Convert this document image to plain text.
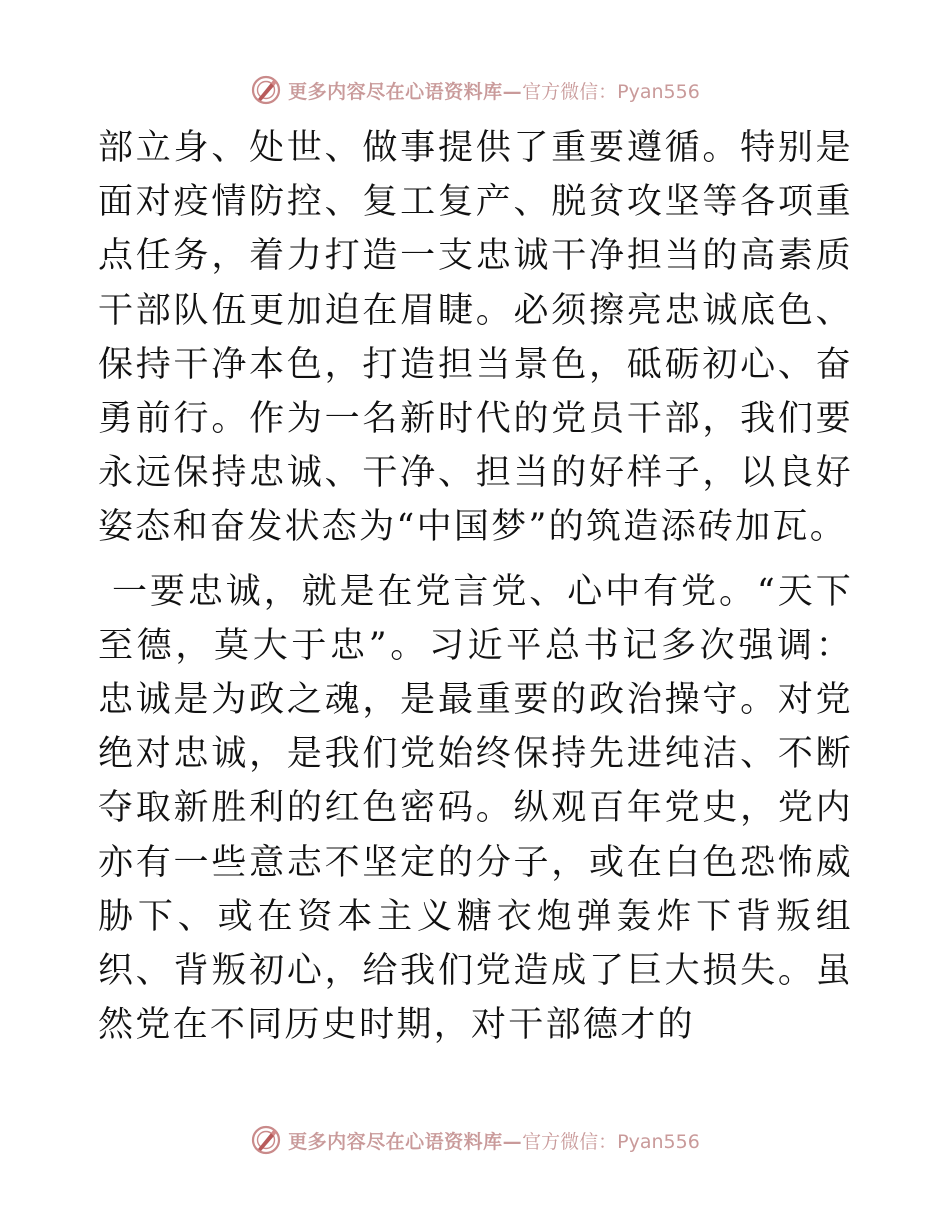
更多内容尽在心语资料库— 官方微信：Pyan556

部立身、处世、做事提供了重要遵循。特别是面对疫情防控、复工复产、脱贫攻坚等各项重点任务，着力打造一支忠诚干净担当的高素质干部队伍更加迫在眉睫。必须擦亮忠诚底色、保持干净本色，打造担当景色，砥砺初心、奋勇前行。作为一名新时代的党员干部，我们要永远保持忠诚、干净、担当的好样子，以良好姿态和奋发状态为“中国梦”的筑造添砖加瓦。

一要忠诚，就是在党言党、心中有党。“天下至德，莫大于忠”。习近平总书记多次强调：忠诚是为政之魂，是最重要的政治操守。对党绝对忠诚，是我们党始终保持先进纯洁、不断夺取新胜利的红色密码。纵观百年党史，党内亦有一些意志不坚定的分子，或在白色恐怖威胁下、或在资本主义糖衣炮弹轰炸下背叛组织、背叛初心，给我们党造成了巨大损失。虽然党在不同历史时期，对干部德才的

更多内容尽在心语资料库— 官方微信：Pyan556
